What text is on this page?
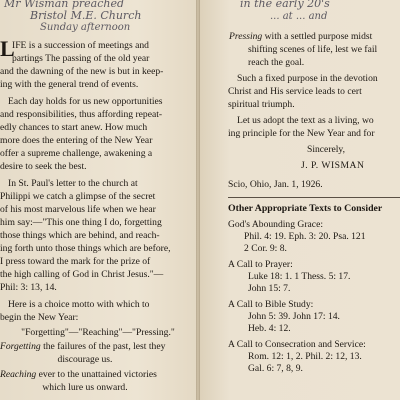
Mr Wisman preached
Bristol M.E. Church
Sunday afternoon
L
IFE is a succession of meetings and
partings The passing of the old year
and the dawning of the new is but in keep-
ing with the general trend of events.
Each day holds for us new opportunities
and responsibilities, thus affording repeat-
edly chances to start anew. How much
more does the entering of the New Year
offer a supreme challenge, awakening a
desire to seek the best.
In St. Paul's letter to the church at
Philippi we catch a glimpse of the secret
of his most marvelous life when we hear
him say:—"This one thing I do, forgetting
those things which are behind, and reach-
ing forth unto those things which are before,
I press toward the mark for the prize of
the high calling of God in Christ Jesus."—
Phil: 3: 13, 14.
Here is a choice motto with which to
begin the New Year:
"Forgetting"—"Reaching"—"Pressing."
Forgetting the failures of the past, lest they
discourage us.
Reaching ever to the unattained victories
which lure us onward.
in the early 20's
... at ... and
Pressing with a settled purpose midst
shifting scenes of life, lest we fail
reach the goal.
Such a fixed purpose in the devotion
Christ and His service leads to cert
spiritual triumph.
Let us adopt the text as a living, wo
ing principle for the New Year and for
Sincerely,
J. P. WISMAN
Scio, Ohio, Jan. 1, 1926.
Other Appropriate Texts to Consider
God's Abounding Grace:
Phil. 4: 19. Eph. 3: 20. Psa. 121
2 Cor. 9: 8.
A Call to Prayer:
Luke 18: 1. 1 Thess. 5: 17.
John 15: 7.
A Call to Bible Study:
John 5: 39. John 17: 14.
Heb. 4: 12.
A Call to Consecration and Service:
Rom. 12: 1, 2. Phil. 2: 12, 13.
Gal. 6: 7, 8, 9.
